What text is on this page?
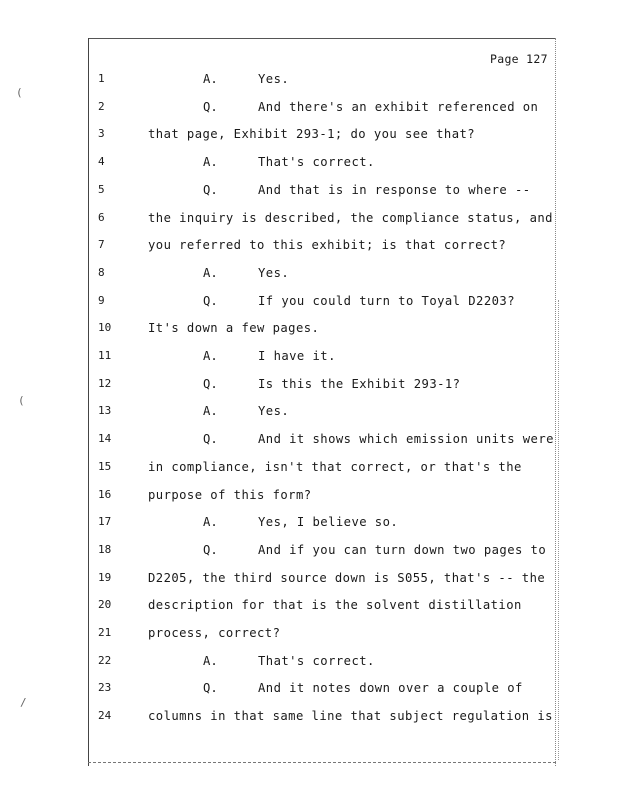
Page 127
(
(
/
1	A.	Yes.
2	Q.	And there's an exhibit referenced on
3	that page, Exhibit 293-1; do you see that?
4	A.	That's correct.
5	Q.	And that is in response to where --
6	the inquiry is described, the compliance status, and
7	you referred to this exhibit; is that correct?
8	A.	Yes.
9	Q.	If you could turn to Toyal D2203?
10	It's down a few pages.
11	A.	I have it.
12	Q.	Is this the Exhibit 293-1?
13	A.	Yes.
14	Q.	And it shows which emission units were
15	in compliance, isn't that correct, or that's the
16	purpose of this form?
17	A.	Yes, I believe so.
18	Q.	And if you can turn down two pages to
19	D2205, the third source down is S055, that's -- the
20	description for that is the solvent distillation
21	process, correct?
22	A.	That's correct.
23	Q.	And it notes down over a couple of
24	columns in that same line that subject regulation is
